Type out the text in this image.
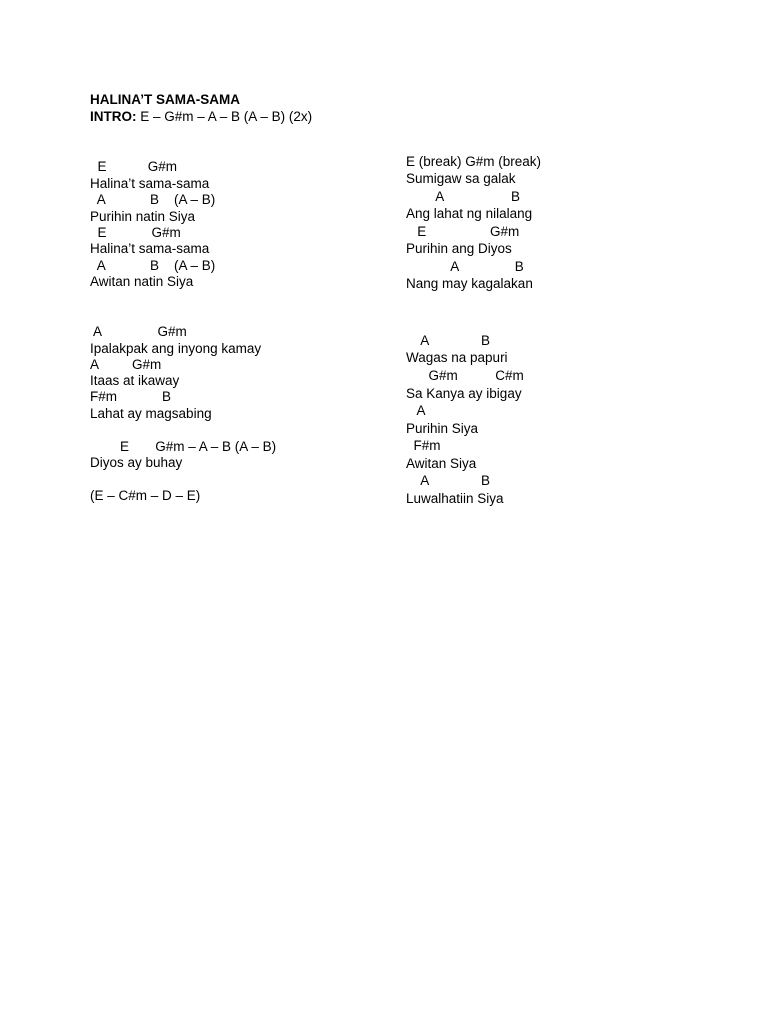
HALINA’T SAMA-SAMA
INTRO: E – G#m – A – B (A – B) (2x)
E           G#m
Halina’t sama-sama
A            B    (A – B)
Purihin natin Siya
E            G#m
Halina’t sama-sama
A            B    (A – B)
Awitan natin Siya
A               G#m
Ipalakpak ang inyong kamay
A         G#m
Itaas at ikaway
F#m            B
Lahat ay magsabing
E       G#m – A – B (A – B)
Diyos ay buhay
(E – C#m – D – E)
E (break) G#m (break)
Sumigaw sa galak
A                  B
Ang lahat ng nilalang
E                 G#m
Purihin ang Diyos
A               B
Nang may kagalakan
A              B
Wagas na papuri
G#m          C#m
Sa Kanya ay ibigay
A
Purihin Siya
F#m
Awitan Siya
A              B
Luwalhatiin Siya
